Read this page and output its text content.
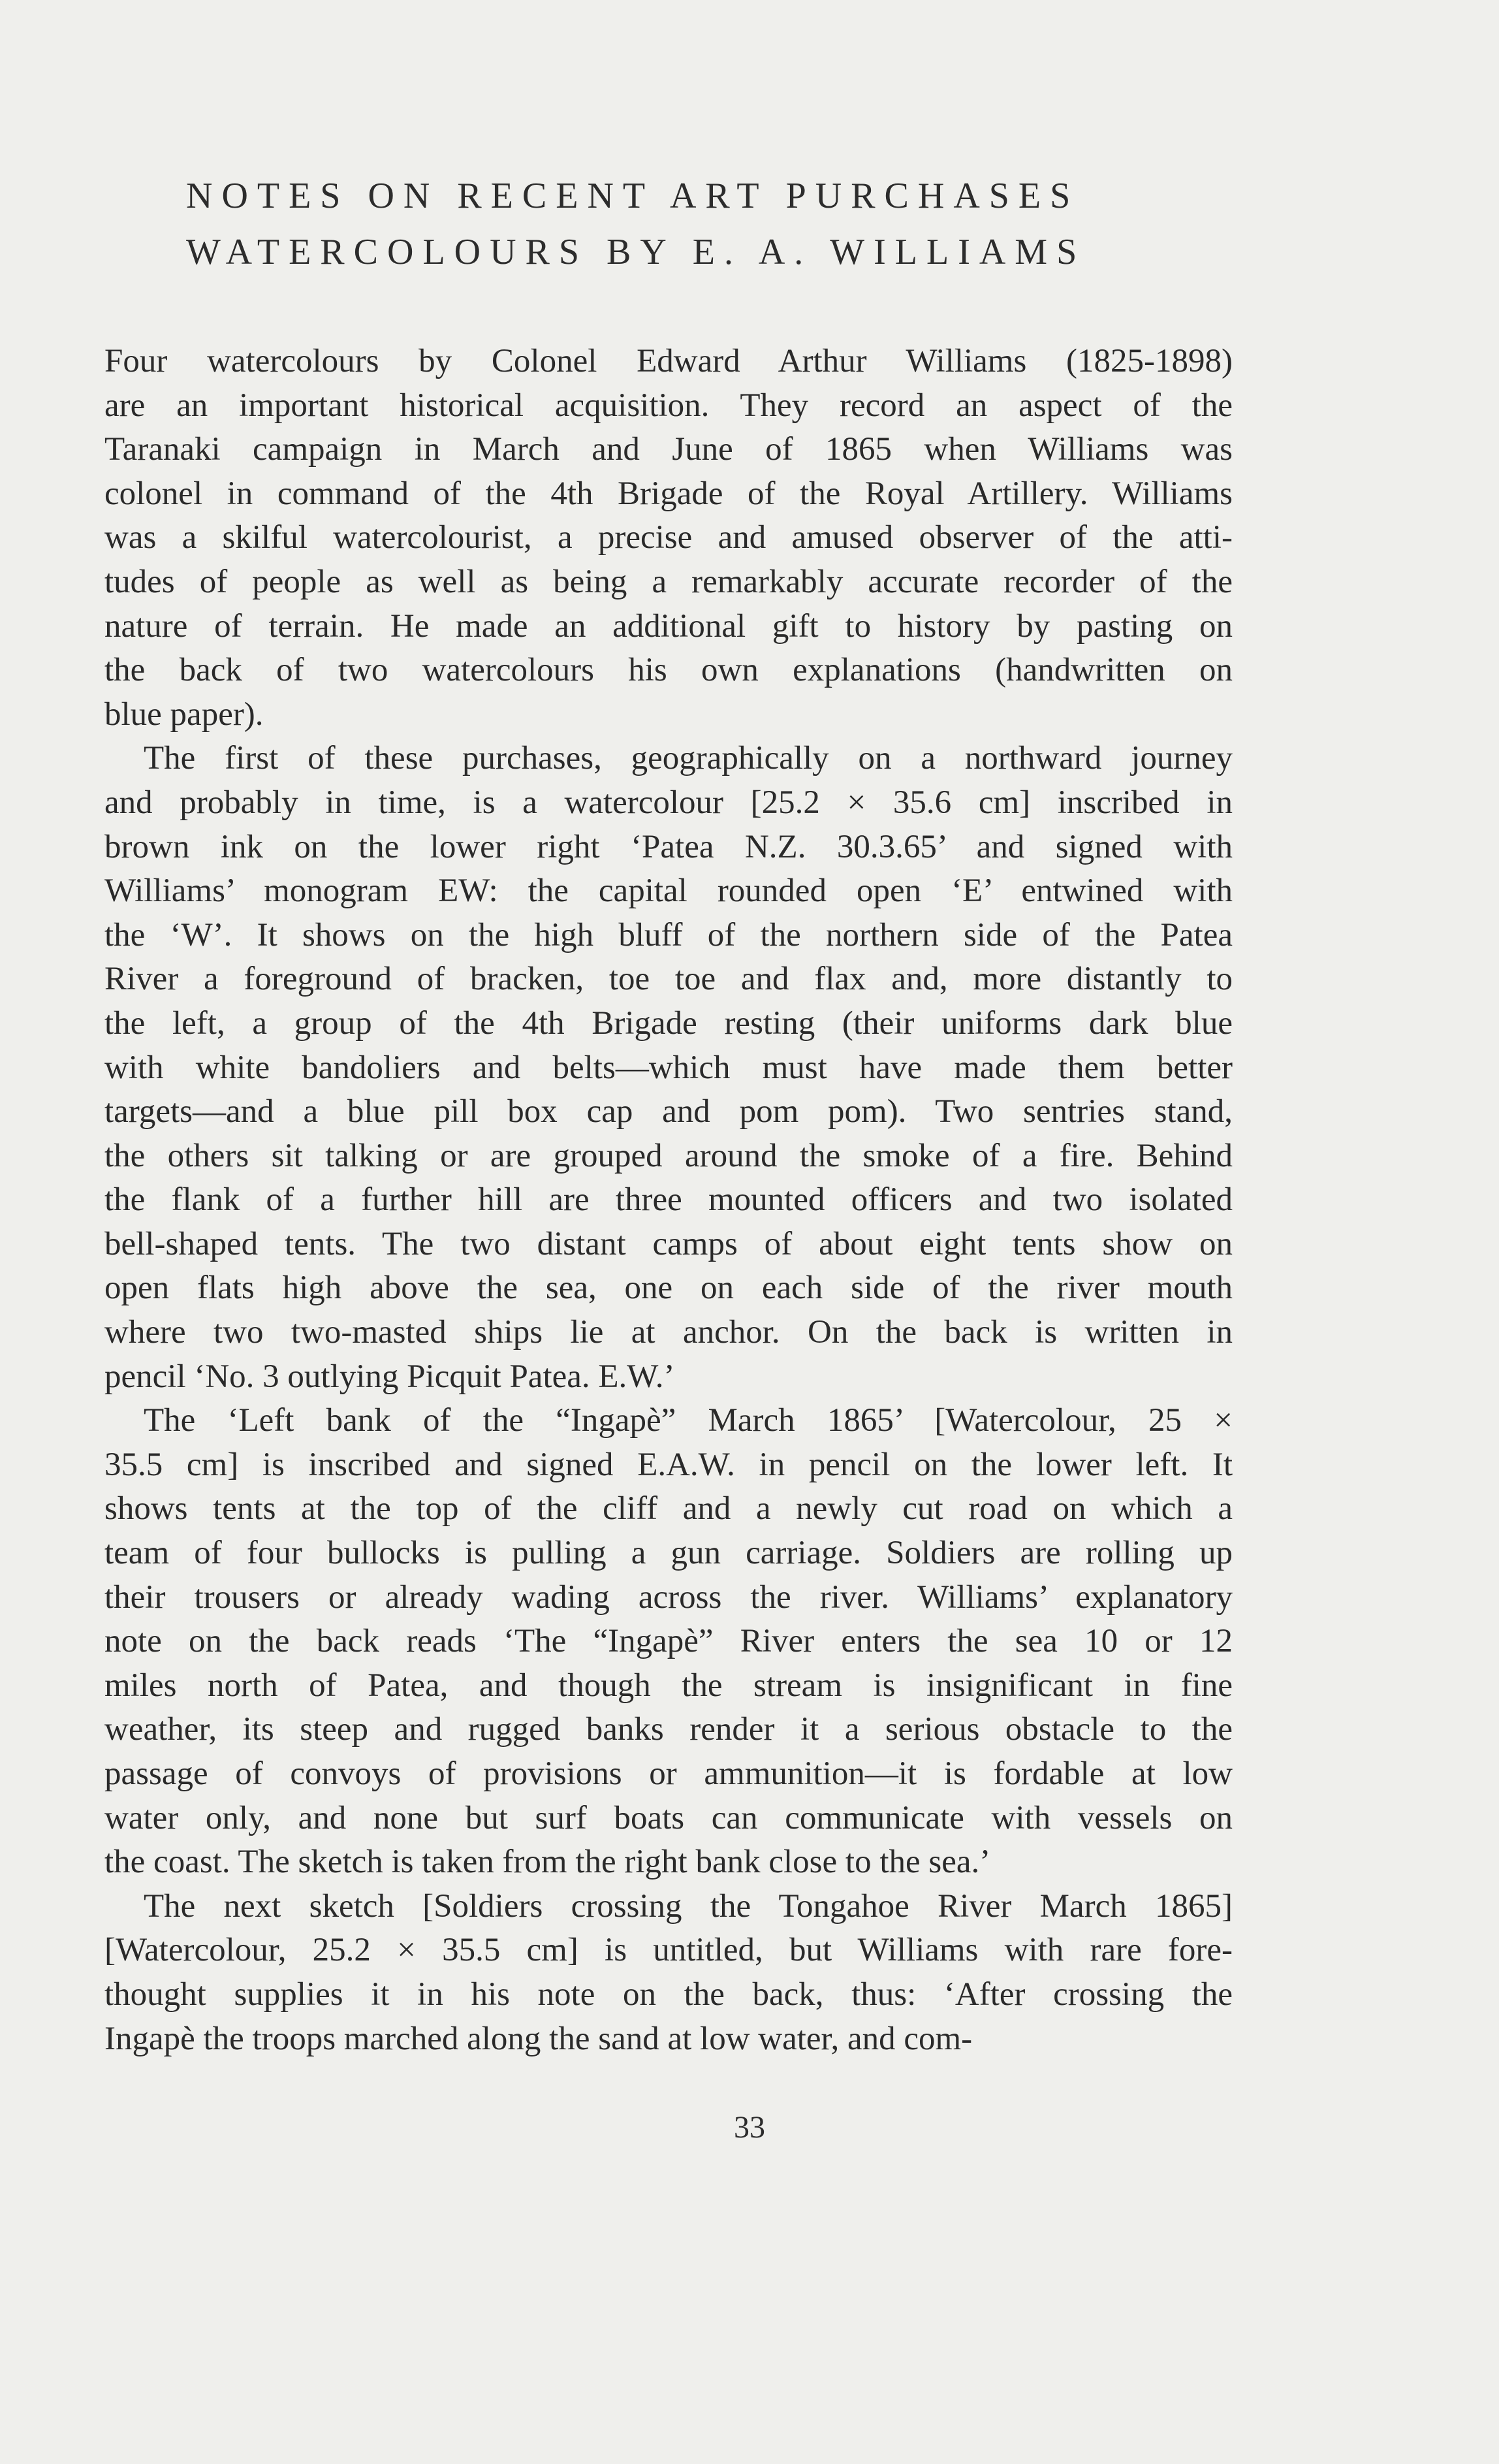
NOTES ON RECENT ART PURCHASES
WATERCOLOURS BY E. A. WILLIAMS

Four watercolours by Colonel Edward Arthur Williams (1825-1898)
are an important historical acquisition. They record an aspect of the
Taranaki campaign in March and June of 1865 when Williams was
colonel in command of the 4th Brigade of the Royal Artillery. Williams
was a skilful watercolourist, a precise and amused observer of the atti-
tudes of people as well as being a remarkably accurate recorder of the
nature of terrain. He made an additional gift to history by pasting on
the back of two watercolours his own explanations (handwritten on
blue paper).

The first of these purchases, geographically on a northward journey
and probably in time, is a watercolour [25.2 × 35.6 cm] inscribed in
brown ink on the lower right ‘Patea N.Z. 30.3.65’ and signed with
Williams’ monogram EW: the capital rounded open ‘E’ entwined with
the ‘W’. It shows on the high bluff of the northern side of the Patea
River a foreground of bracken, toe toe and flax and, more distantly to
the left, a group of the 4th Brigade resting (their uniforms dark blue
with white bandoliers and belts—which must have made them better
targets—and a blue pill box cap and pom pom). Two sentries stand,
the others sit talking or are grouped around the smoke of a fire. Behind
the flank of a further hill are three mounted officers and two isolated
bell-shaped tents. The two distant camps of about eight tents show on
open flats high above the sea, one on each side of the river mouth
where two two-masted ships lie at anchor. On the back is written in
pencil ‘No. 3 outlying Picquit Patea. E.W.’

The ‘Left bank of the “Ingapè” March 1865’ [Watercolour, 25 ×
35.5 cm] is inscribed and signed E.A.W. in pencil on the lower left. It
shows tents at the top of the cliff and a newly cut road on which a
team of four bullocks is pulling a gun carriage. Soldiers are rolling up
their trousers or already wading across the river. Williams’ explanatory
note on the back reads ‘The “Ingapè” River enters the sea 10 or 12
miles north of Patea, and though the stream is insignificant in fine
weather, its steep and rugged banks render it a serious obstacle to the
passage of convoys of provisions or ammunition—it is fordable at low
water only, and none but surf boats can communicate with vessels on
the coast. The sketch is taken from the right bank close to the sea.’

The next sketch [Soldiers crossing the Tongahoe River March 1865]
[Watercolour, 25.2 × 35.5 cm] is untitled, but Williams with rare fore-
thought supplies it in his note on the back, thus: ‘After crossing the
Ingapè the troops marched along the sand at low water, and com-

33
